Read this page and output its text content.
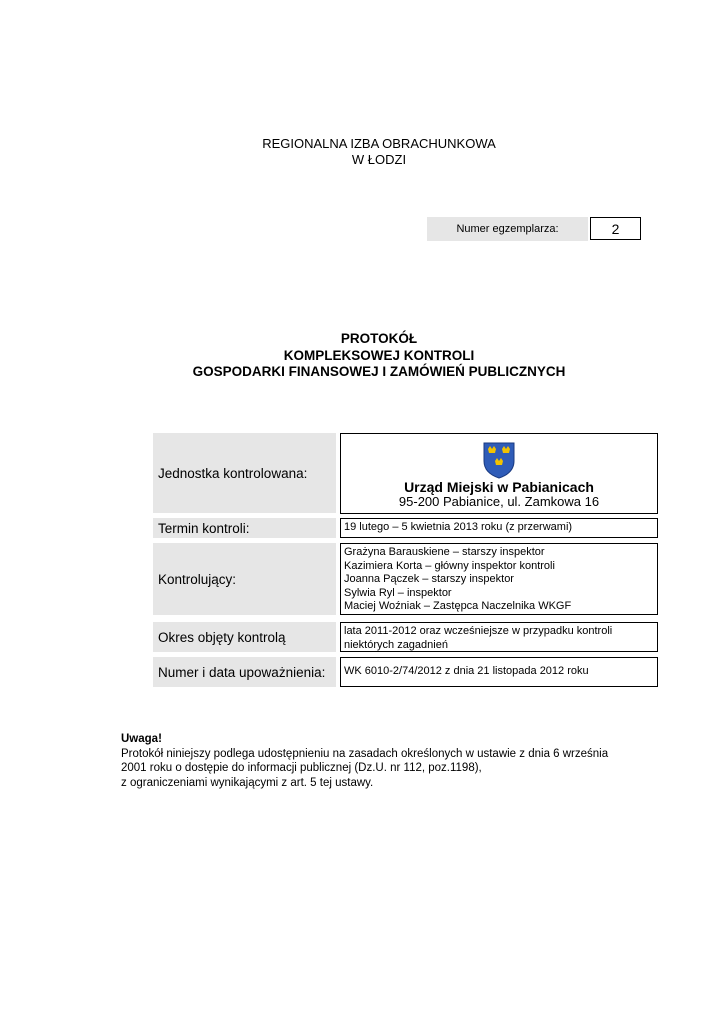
REGIONALNA IZBA OBRACHUNKOWA
W ŁODZI
Numer egzemplarza:	2
PROTOKÓŁ
KOMPLEKSOWEJ KONTROLI
GOSPODARKI FINANSOWEJ I ZAMÓWIEŃ PUBLICZNYCH
Jednostka kontrolowana:
Urząd Miejski w Pabianicach
95-200 Pabianice, ul. Zamkowa 16
Termin kontroli:	19 lutego – 5 kwietnia 2013 roku (z przerwami)
Kontrolujący:
Grażyna Barauskiene – starszy inspektor
Kazimiera Korta – główny inspektor kontroli
Joanna Pączek – starszy inspektor
Sylwia Ryl – inspektor
Maciej Woźniak – Zastępca Naczelnika WKGF
Okres objęty kontrolą	lata 2011-2012 oraz wcześniejsze w przypadku kontroli niektórych zagadnień
Numer i data upoważnienia:	WK 6010-2/74/2012 z dnia 21 listopada 2012 roku
Uwaga!
Protokół niniejszy podlega udostępnieniu na zasadach określonych w ustawie z dnia 6 września
2001 roku o dostępie do informacji publicznej (Dz.U. nr 112, poz.1198),
z ograniczeniami wynikającymi z art. 5 tej ustawy.
